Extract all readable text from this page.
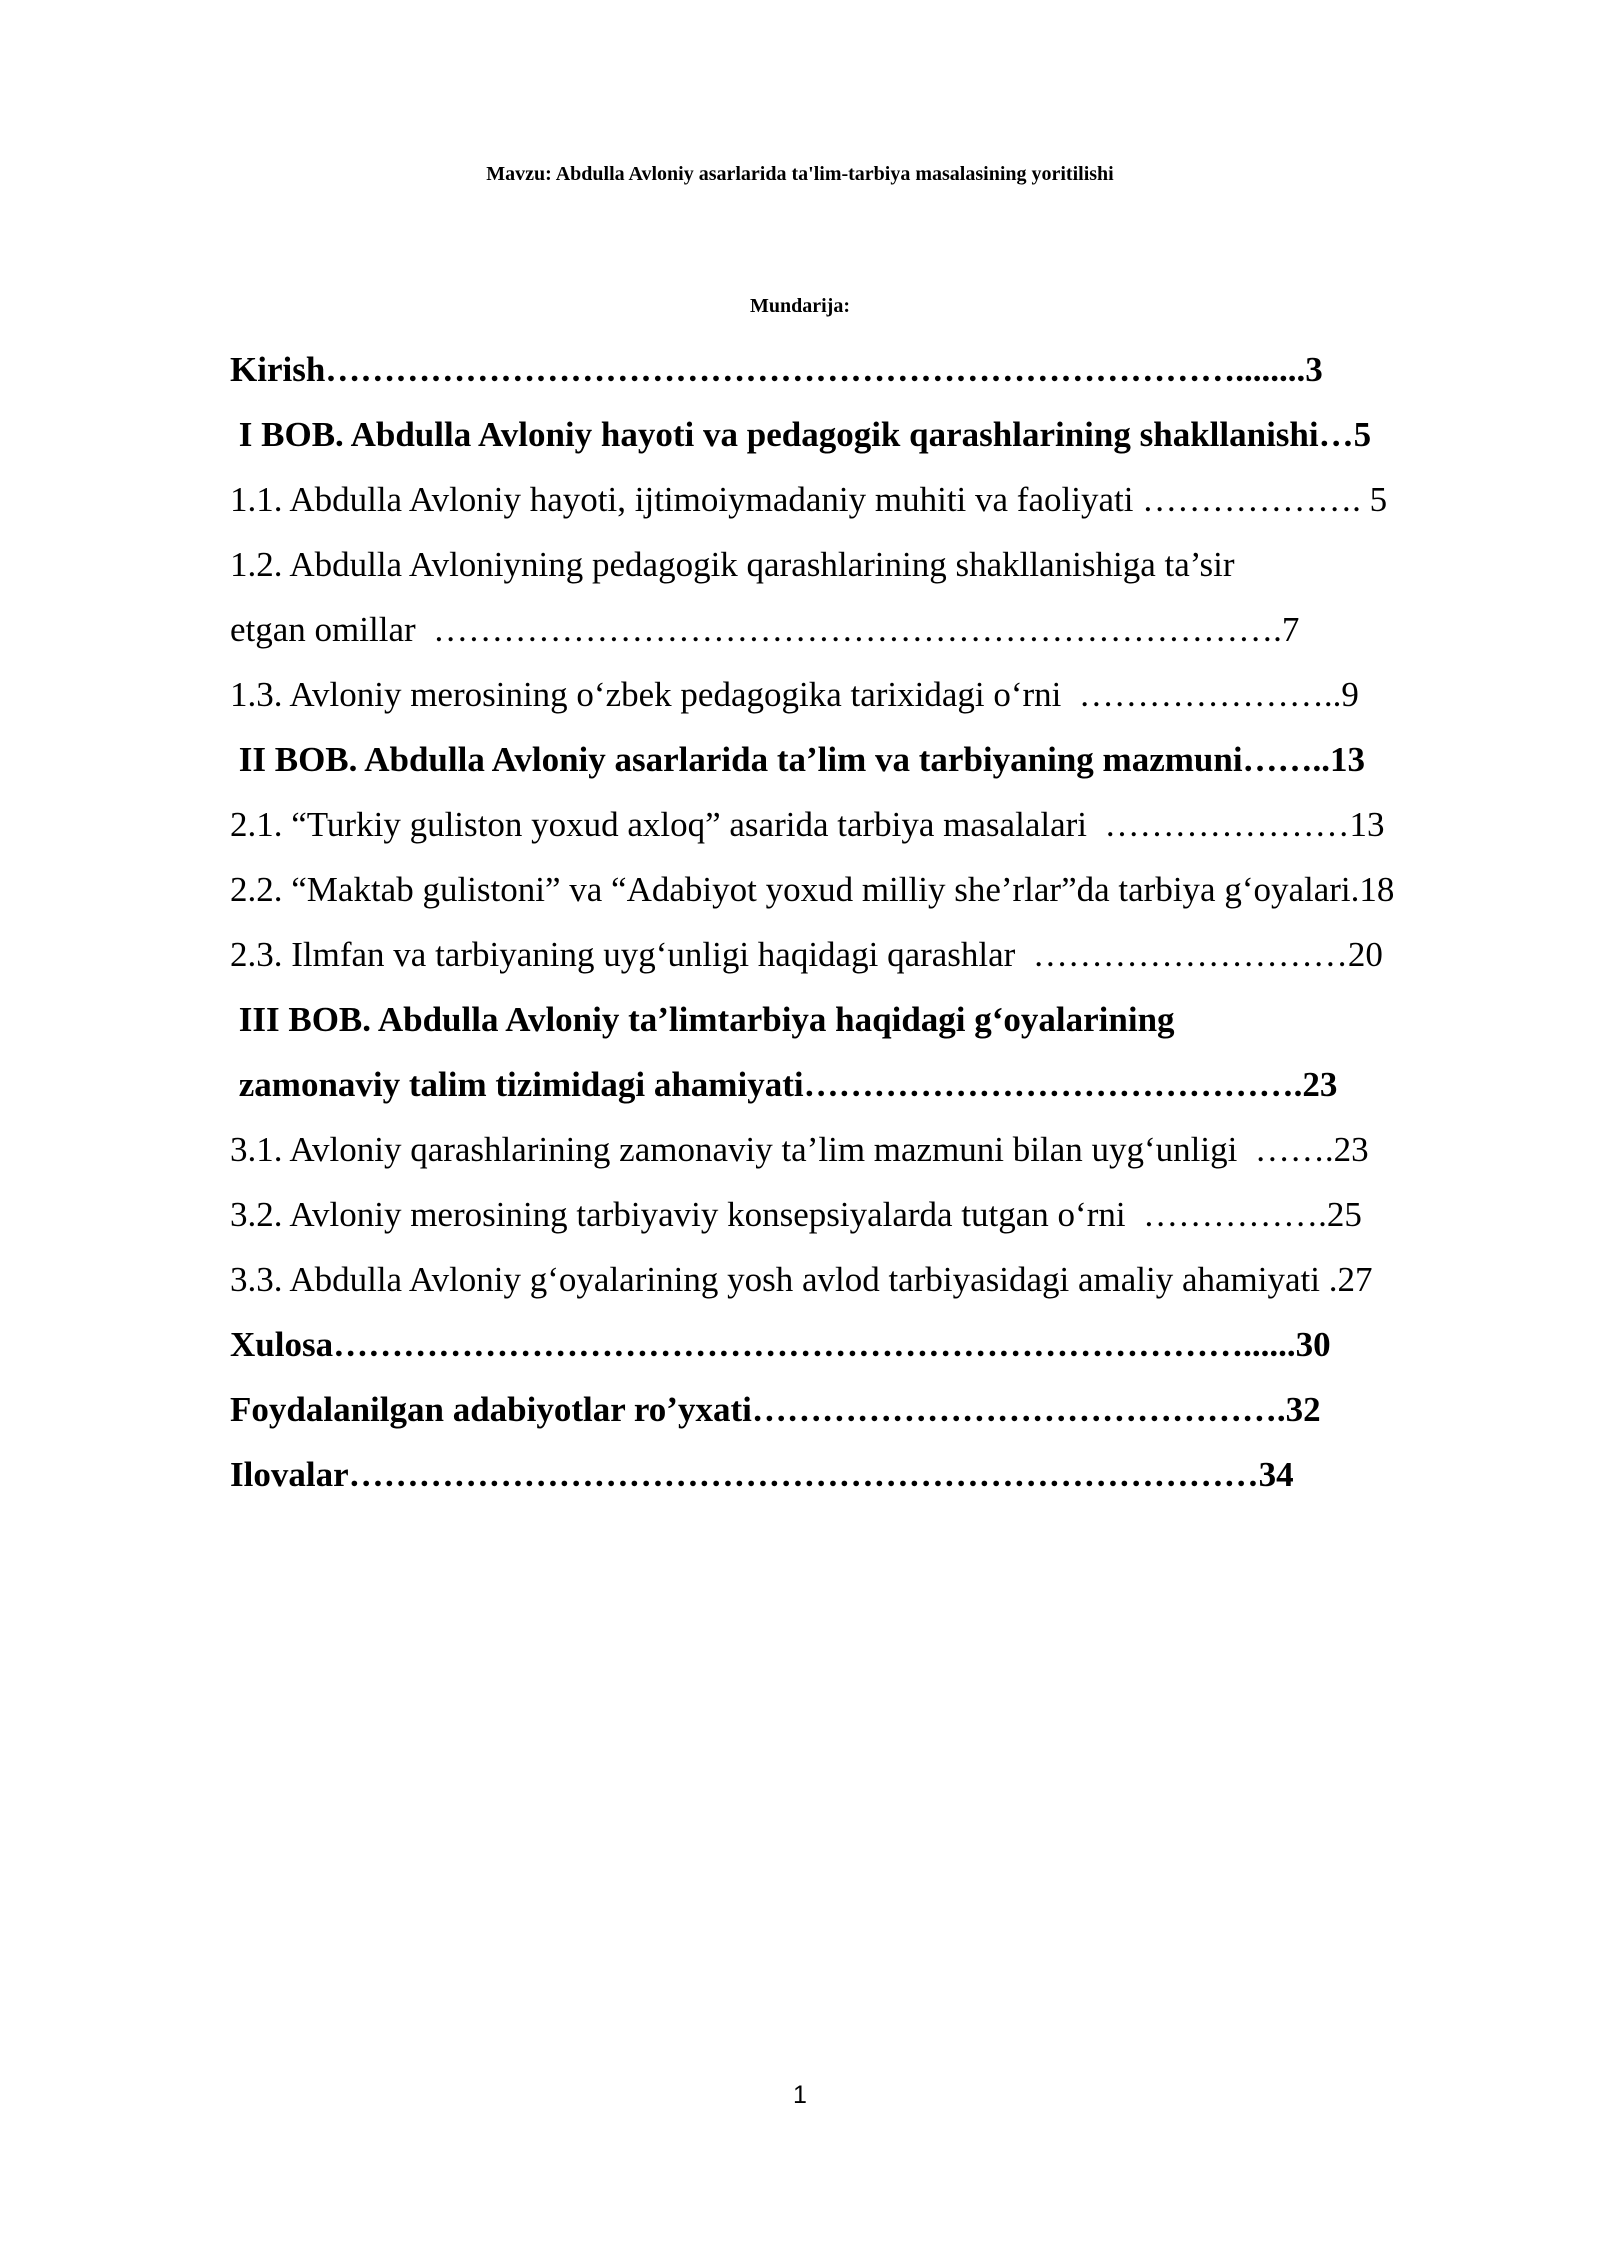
Mavzu: Abdulla Avloniy asarlarida ta'lim-tarbiya masalasining yoritilishi
Mundarija:
Kirish……………………………………………………………………........3
I BOB. Abdulla Avloniy hayoti va pedagogik qarashlarining shakllanishi…5
1.1. Abdulla Avloniy hayoti, ijtimoiymadaniy muhiti va faoliyati ………………. 5
1.2. Abdulla Avloniyning pedagogik qarashlarining shakllanishiga ta’sir
etgan omillar  ……………………………………………………………….7
1.3. Avloniy merosining oʻzbek pedagogika tarixidagi oʻrni  …………………..9
II BOB. Abdulla Avloniy asarlarida ta’lim va tarbiyaning mazmuni……..13
2.1. “Turkiy guliston yoxud axloq” asarida tarbiya masalalari  …………………13
2.2. “Maktab gulistoni” va “Adabiyot yoxud milliy she’rlar”da tarbiya gʻoyalari.18
2.3. Ilmfan va tarbiyaning uygʻunligi haqidagi qarashlar  ………………………20
III BOB. Abdulla Avloniy ta’limtarbiya haqidagi gʻoyalarining
zamonaviy talim tizimidagi ahamiyati…………………………………….23
3.1. Avloniy qarashlarining zamonaviy ta’lim mazmuni bilan uygʻunligi  …….23
3.2. Avloniy merosining tarbiyaviy konsepsiyalarda tutgan oʻrni  …………….25
3.3. Abdulla Avloniy gʻoyalarining yosh avlod tarbiyasidagi amaliy ahamiyati .27
Xulosa……………………………………………………………………......30
Foydalanilgan adabiyotlar roʼyxati……………………………………….32
Ilovalar……………………………………………………………………34
1
